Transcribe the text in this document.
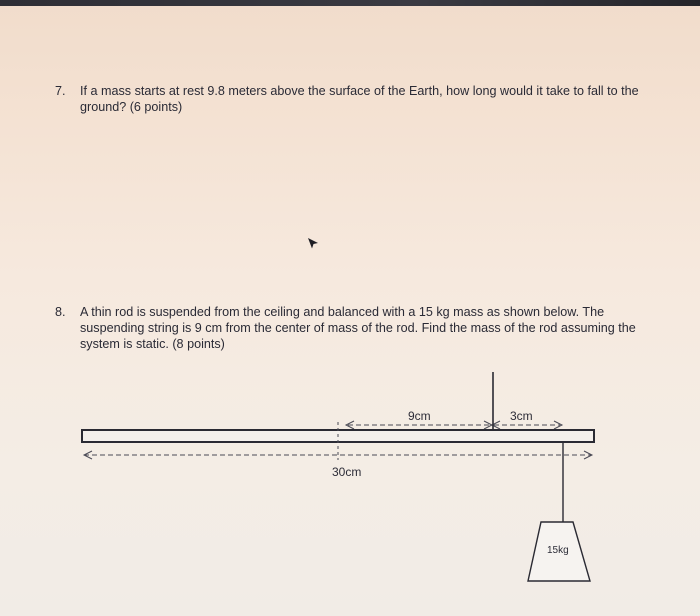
7. If a mass starts at rest 9.8 meters above the surface of the Earth, how long would it take to fall to the ground? (6 points)
8. A thin rod is suspended from the ceiling and balanced with a 15 kg mass as shown below. The suspending string is 9 cm from the center of mass of the rod. Find the mass of the rod assuming the system is static. (8 points)
9cm	3cm
30cm
15kg
